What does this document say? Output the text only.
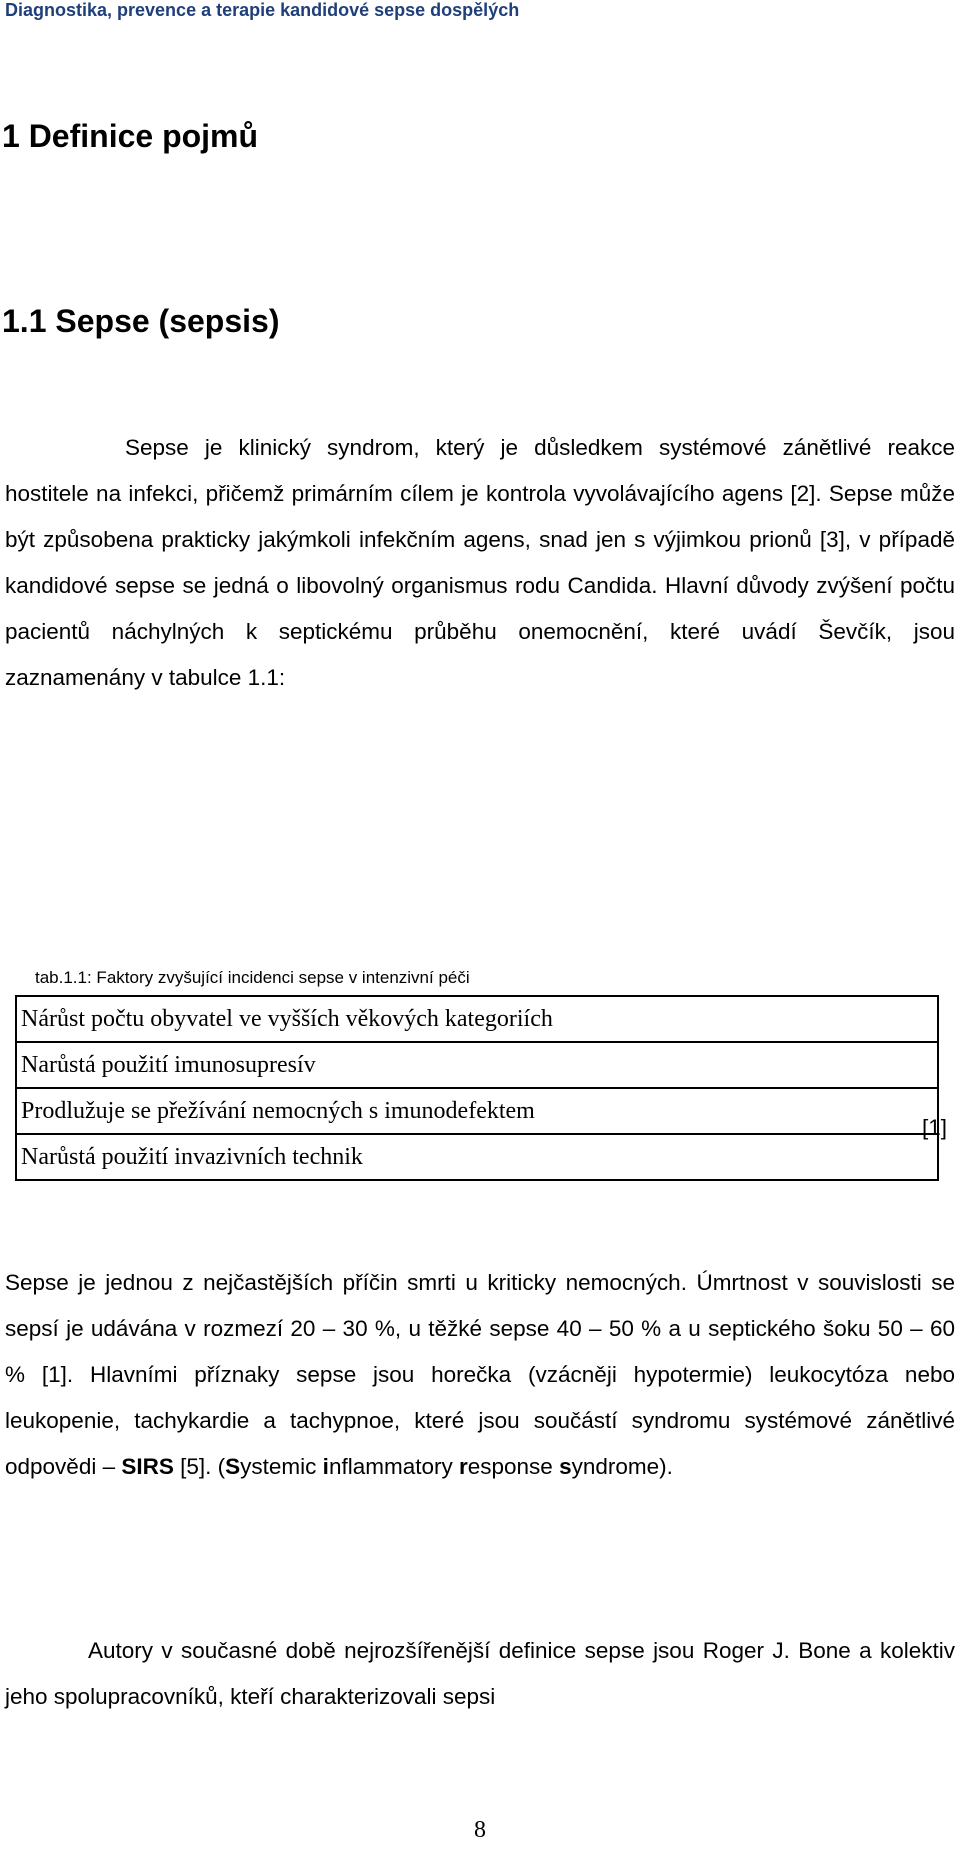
Diagnostika, prevence a terapie kandidové sepse dospělých
1 Definice pojmů
1.1 Sepse (sepsis)

Sepse je klinický syndrom, který je důsledkem systémové zánětlivé reakce hostitele na infekci, přičemž primárním cílem je kontrola vyvolávajícího agens [2]. Sepse může být způsobena prakticky jakýmkoli infekčním agens, snad jen s výjimkou prionů [3], v případě kandidové sepse se jedná o libovolný organismus rodu Candida. Hlavní důvody zvýšení počtu pacientů náchylných k septickému průběhu onemocnění, které uvádí Ševčík, jsou zaznamenány v tabulce 1.1:

tab.1.1: Faktory zvyšující incidenci sepse v intenzivní péči
Nárůst počtu obyvatel ve vyšších věkových kategoriích
Narůstá použití imunosupresív
Prodlužuje se přežívání nemocných s imunodefektem
Narůstá použití invazivních technik
[1]

Sepse je jednou z nejčastějších příčin smrti u kriticky nemocných. Úmrtnost v souvislosti se sepsí je udávána v rozmezí 20 – 30 %, u těžké sepse 40 – 50 % a u septického šoku 50 – 60 % [1]. Hlavními příznaky sepse jsou horečka (vzácněji hypotermie) leukocytóza nebo leukopenie, tachykardie a tachypnoe, které jsou součástí syndromu systémové zánětlivé odpovědi – SIRS [5]. (Systemic inflammatory response syndrome).

Autory v současné době nejrozšířenější definice sepse jsou Roger J. Bone a kolektiv jeho spolupracovníků, kteří charakterizovali sepsi

8
